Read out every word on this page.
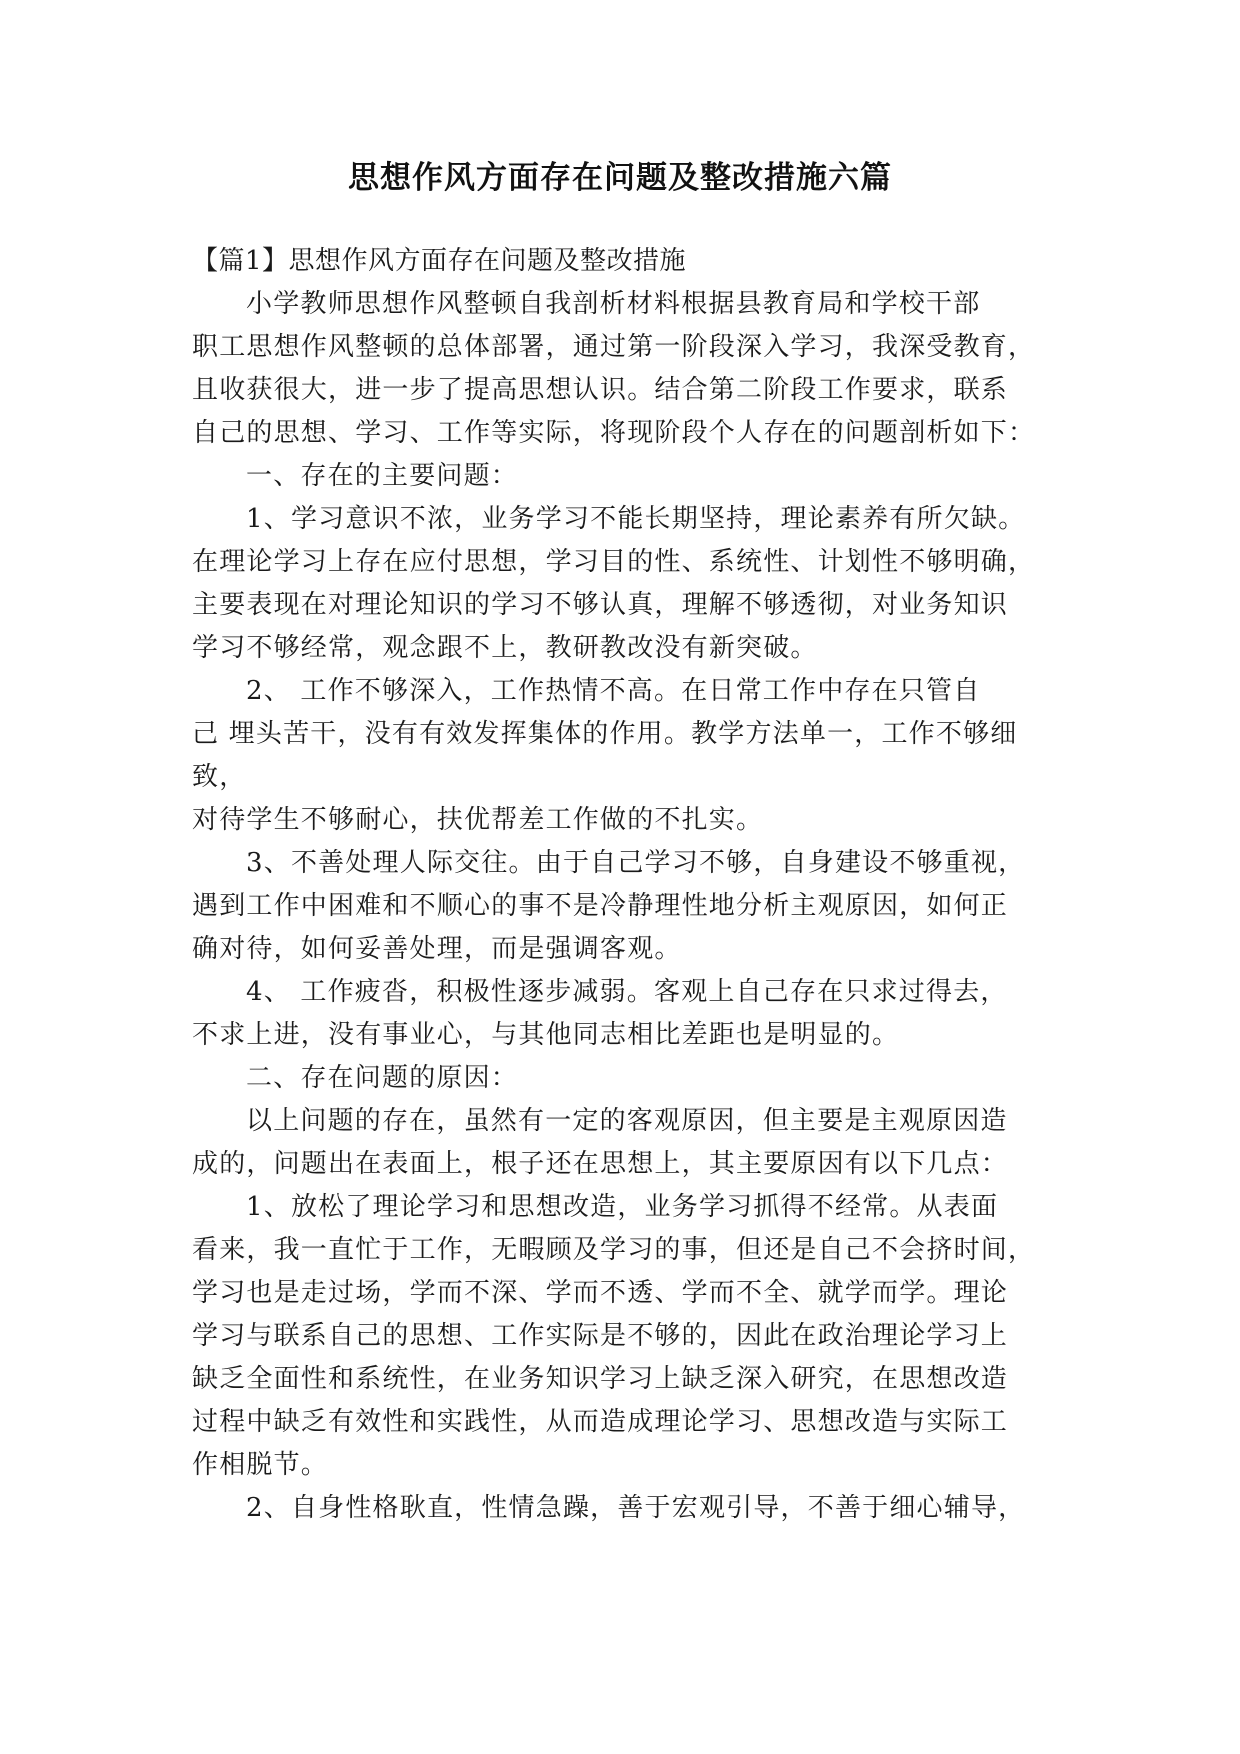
思想作风方面存在问题及整改措施六篇
【篇1】思想作风方面存在问题及整改措施
小学教师思想作风整顿自我剖析材料根据县教育局和学校干部
职工思想作风整顿的总体部署，通过第一阶段深入学习，我深受教育，
且收获很大，进一步了提高思想认识。结合第二阶段工作要求，联系
自己的思想、学习、工作等实际，将现阶段个人存在的问题剖析如下：
一、存在的主要问题：
1、学习意识不浓，业务学习不能长期坚持，理论素养有所欠缺。
在理论学习上存在应付思想，学习目的性、系统性、计划性不够明确，
主要表现在对理论知识的学习不够认真，理解不够透彻，对业务知识
学习不够经常，观念跟不上，教研教改没有新突破。
2、 工作不够深入，工作热情不高。在日常工作中存在只管自
己 埋头苦干，没有有效发挥集体的作用。教学方法单一，工作不够细
致，
对待学生不够耐心，扶优帮差工作做的不扎实。
3、不善处理人际交往。由于自己学习不够，自身建设不够重视，
遇到工作中困难和不顺心的事不是冷静理性地分析主观原因，如何正
确对待，如何妥善处理，而是强调客观。
4、 工作疲沓，积极性逐步减弱。客观上自己存在只求过得去，
不求上进，没有事业心，与其他同志相比差距也是明显的。
二、存在问题的原因：
以上问题的存在，虽然有一定的客观原因，但主要是主观原因造
成的，问题出在表面上，根子还在思想上，其主要原因有以下几点：
1、放松了理论学习和思想改造，业务学习抓得不经常。从表面
看来，我一直忙于工作，无暇顾及学习的事，但还是自己不会挤时间，
学习也是走过场，学而不深、学而不透、学而不全、就学而学。理论
学习与联系自己的思想、工作实际是不够的，因此在政治理论学习上
缺乏全面性和系统性，在业务知识学习上缺乏深入研究，在思想改造
过程中缺乏有效性和实践性，从而造成理论学习、思想改造与实际工
作相脱节。
2、自身性格耿直，性情急躁，善于宏观引导，不善于细心辅导，
